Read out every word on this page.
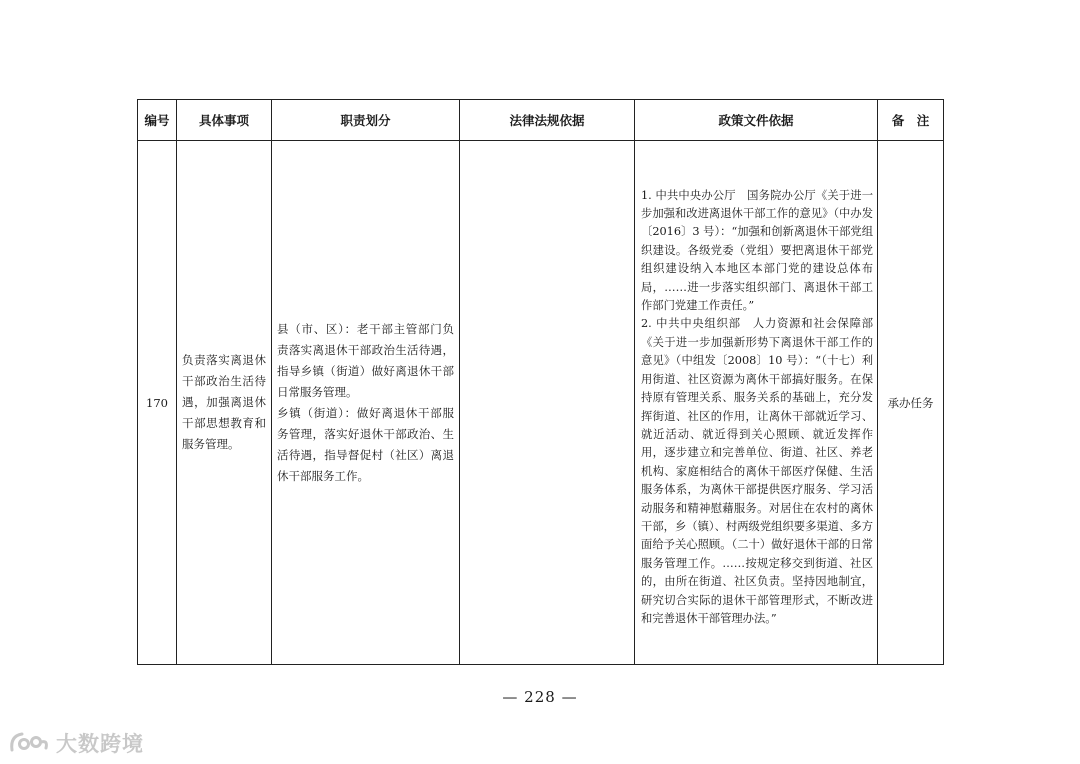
编号	具体事项	职责划分	法律法规依据	政策文件依据	备　注
170	负责落实离退休干部政治生活待遇，加强离退休干部思想教育和服务管理。	县（市、区）：老干部主管部门负责落实离退休干部政治生活待遇，指导乡镇（街道）做好离退休干部日常服务管理。
乡镇（街道）：做好离退休干部服务管理，落实好退休干部政治、生活待遇，指导督促村（社区）离退休干部服务工作。		1. 中共中央办公厅　国务院办公厅《关于进一步加强和改进离退休干部工作的意见》（中办发〔2016〕3 号）：“加强和创新离退休干部党组织建设。各级党委（党组）要把离退休干部党组织建设纳入本地区本部门党的建设总体布局，……进一步落实组织部门、离退休干部工作部门党建工作责任。”
2. 中共中央组织部　人力资源和社会保障部《关于进一步加强新形势下离退休干部工作的意见》（中组发〔2008〕10 号）：“（十七）利用街道、社区资源为离休干部搞好服务。在保持原有管理关系、服务关系的基础上，充分发挥街道、社区的作用，让离休干部就近学习、就近活动、就近得到关心照顾、就近发挥作用，逐步建立和完善单位、街道、社区、养老机构、家庭相结合的离休干部医疗保健、生活服务体系，为离休干部提供医疗服务、学习活动服务和精神慰藉服务。对居住在农村的离休干部，乡（镇）、村两级党组织要多渠道、多方面给予关心照顾。（二十）做好退休干部的日常服务管理工作。……按规定移交到街道、社区的，由所在街道、社区负责。坚持因地制宜，研究切合实际的退休干部管理形式，不断改进和完善退休干部管理办法。”	承办任务
— 228 —
大数跨境
